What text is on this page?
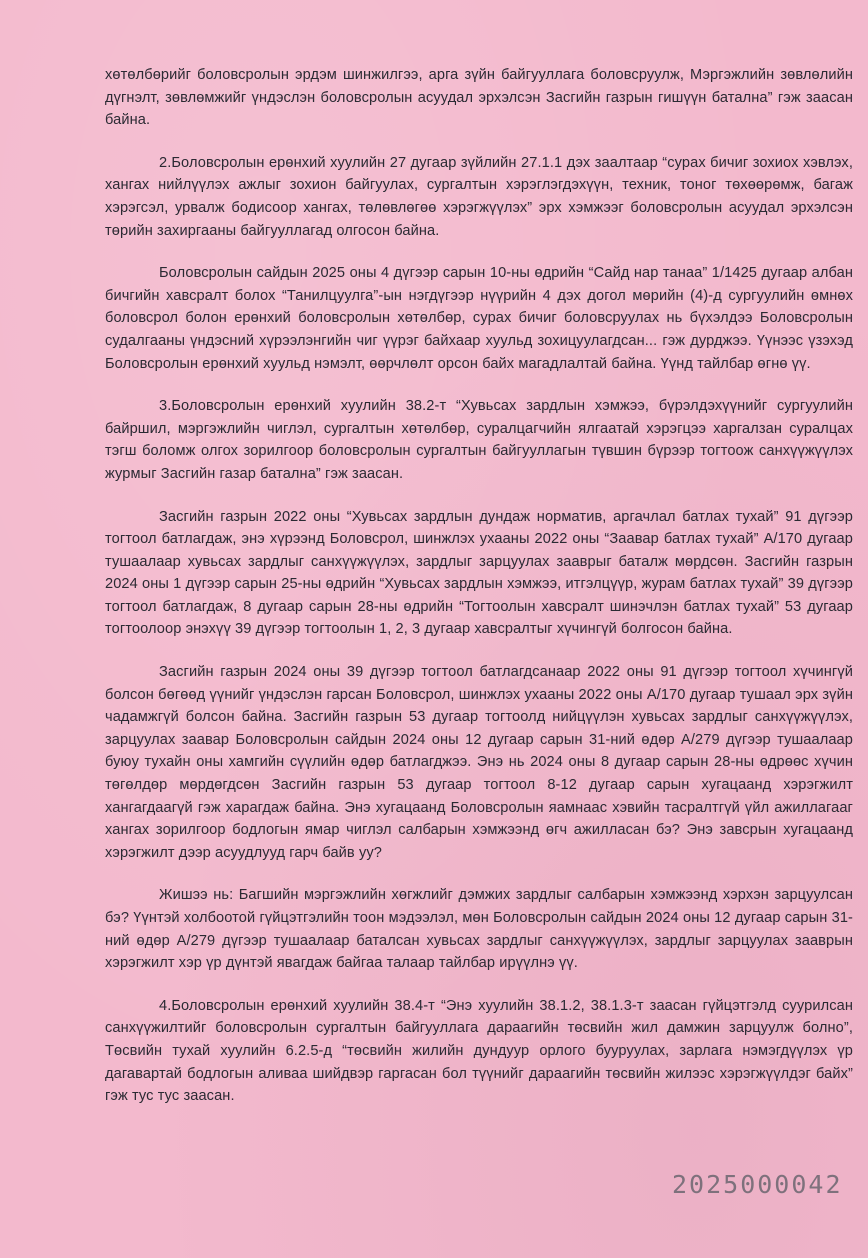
хөтөлбөрийг боловсролын эрдэм шинжилгээ, арга зүйн байгууллага боловсруулж, Мэргэжлийн зөвлөлийн дүгнэлт, зөвлөмжийг үндэслэн боловсролын асуудал эрхэлсэн Засгийн газрын гишүүн батална” гэж заасан байна.

2.Боловсролын ерөнхий хуулийн 27 дугаар зүйлийн 27.1.1 дэх заалтаар “сурах бичиг зохиох хэвлэх, хангах нийлүүлэх ажлыг зохион байгуулах, сургалтын хэрэглэгдэхүүн, техник, тоног төхөөрөмж, багаж хэрэгсэл, урвалж бодисоор хангах, төлөвлөгөө хэрэгжүүлэх” эрх хэмжээг боловсролын асуудал эрхэлсэн төрийн захиргааны байгууллагад олгосон байна.

Боловсролын сайдын 2025 оны 4 дүгээр сарын 10-ны өдрийн “Сайд нар танаа” 1/1425 дугаар албан бичгийн хавсралт болох “Танилцуулга”-ын нэгдүгээр нүүрийн 4 дэх догол мөрийн (4)-д сургуулийн өмнөх боловсрол болон ерөнхий боловсролын хөтөлбөр, сурах бичиг боловсруулах нь бүхэлдээ Боловсролын судалгааны үндэсний хүрээлэнгийн чиг үүрэг байхаар хуульд зохицуулагдсан... гэж дурджээ. Үүнээс үзэхэд Боловсролын ерөнхий хуульд нэмэлт, өөрчлөлт орсон байх магадлалтай байна. Үүнд тайлбар өгнө үү.

3.Боловсролын ерөнхий хуулийн 38.2-т “Хувьсах зардлын хэмжээ, бүрэлдэхүүнийг сургуулийн байршил, мэргэжлийн чиглэл, сургалтын хөтөлбөр, суралцагчийн ялгаатай хэрэгцээ харгалзан суралцах тэгш боломж олгох зорилгоор боловсролын сургалтын байгууллагын түвшин бүрээр тогтоож санхүүжүүлэх журмыг Засгийн газар батална” гэж заасан.

Засгийн газрын 2022 оны “Хувьсах зардлын дундаж норматив, аргачлал батлах тухай” 91 дүгээр тогтоол батлагдаж, энэ хүрээнд Боловсрол, шинжлэх ухааны 2022 оны “Заавар батлах тухай” А/170 дугаар тушаалаар хувьсах зардлыг санхүүжүүлэх, зардлыг зарцуулах зааврыг баталж мөрдсөн. Засгийн газрын 2024 оны 1 дүгээр сарын 25-ны өдрийн “Хувьсах зардлын хэмжээ, итгэлцүүр, журам батлах тухай” 39 дүгээр тогтоол батлагдаж, 8 дугаар сарын 28-ны өдрийн “Тогтоолын хавсралт шинэчлэн батлах тухай” 53 дугаар тогтоолоор энэхүү 39 дүгээр тогтоолын 1, 2, 3 дугаар хавсралтыг хүчингүй болгосон байна.

Засгийн газрын 2024 оны 39 дүгээр тогтоол батлагдсанаар 2022 оны 91 дүгээр тогтоол хүчингүй болсон бөгөөд үүнийг үндэслэн гарсан Боловсрол, шинжлэх ухааны 2022 оны А/170 дугаар тушаал эрх зүйн чадамжгүй болсон байна. Засгийн газрын 53 дугаар тогтоолд нийцүүлэн хувьсах зардлыг санхүүжүүлэх, зарцуулах заавар Боловсролын сайдын 2024 оны 12 дугаар сарын 31-ний өдөр А/279 дүгээр тушаалаар буюу тухайн оны хамгийн сүүлийн өдөр батлагджээ. Энэ нь 2024 оны 8 дугаар сарын 28-ны өдрөөс хүчин төгөлдөр мөрдөгдсөн Засгийн газрын 53 дугаар тогтоол 8-12 дугаар сарын хугацаанд хэрэгжилт хангагдаагүй гэж харагдаж байна. Энэ хугацаанд Боловсролын яамнаас хэвийн тасралтгүй үйл ажиллагааг хангах зорилгоор бодлогын ямар чиглэл салбарын хэмжээнд өгч ажилласан бэ? Энэ завсрын хугацаанд хэрэгжилт дээр асуудлууд гарч байв уу?

Жишээ нь: Багшийн мэргэжлийн хөгжлийг дэмжих зардлыг салбарын хэмжээнд хэрхэн зарцуулсан бэ? Үүнтэй холбоотой гүйцэтгэлийн тоон мэдээлэл, мөн Боловсролын сайдын 2024 оны 12 дугаар сарын 31-ний өдөр А/279 дүгээр тушаалаар баталсан хувьсах зардлыг санхүүжүүлэх, зардлыг зарцуулах зааврын хэрэгжилт хэр үр дүнтэй явагдаж байгаа талаар тайлбар ирүүлнэ үү.

4.Боловсролын ерөнхий хуулийн 38.4-т “Энэ хуулийн 38.1.2, 38.1.3-т заасан гүйцэтгэлд суурилсан санхүүжилтийг боловсролын сургалтын байгууллага дараагийн төсвийн жил дамжин зарцуулж болно”, Төсвийн тухай хуулийн 6.2.5-д “төсвийн жилийн дундуур орлого бууруулах, зарлага нэмэгдүүлэх үр дагавартай бодлогын аливаа шийдвэр гаргасан бол түүнийг дараагийн төсвийн жилээс хэрэгжүүлдэг байх” гэж тус тус заасан.

2025000042
